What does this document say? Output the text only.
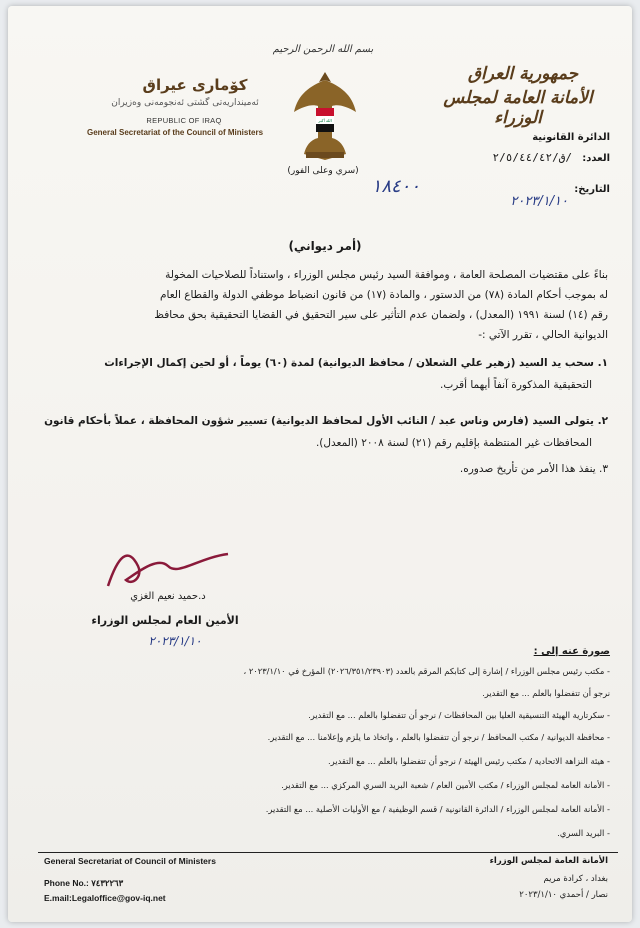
بسم الله الرحمن الرحيم
الله أكبر
كۆماری عیراق
ئه‌مینداریه‌تی گشتی ئه‌نجومه‌نی وه‌زیران
REPUBLIC OF IRAQ
General Secretariat of the Council of Ministers
جمهورية العراق
الأمانة العامة لمجلس الوزراء
الدائرة القانونية
العدد:
ق/٢/٥/٤٤/٤٢/
١٨٤٠٠	التاريخ:
٢٠٢٣/١/١٠
(سري وعلى الفور)
(أمر ديواني)
بناءً على مقتضيات المصلحة العامة ، وموافقة السيد رئيس مجلس الوزراء ، واستناداً للصلاحيات المخولة
له بموجب أحكام المادة (٧٨) من الدستور ، والمادة (١٧) من قانون انضباط موظفي الدولة والقطاع العام
رقم (١٤) لسنة ١٩٩١ (المعدل) ، ولضمان عدم التأثير على سير التحقيق في القضايا التحقيقية بحق محافظ
الديوانية الحالي ، تقرر الآتي :-
١. سحب يد السيد (زهير علي الشعلان / محافظ الديوانية) لمدة (٦٠) يوماً ، أو لحين إكمال الإجراءات
التحقيقية المذكورة آنفاً أيهما أقرب.
٢. يتولى السيد (فارس وناس عبد / النائب الأول لمحافظ الديوانية) تسيير شؤون المحافظة ، عملاً بأحكام قانون
المحافظات غير المنتظمة بإقليم رقم (٢١) لسنة ٢٠٠٨ (المعدل).
٣. ينفذ هذا الأمر من تأريخ صدوره.
د.حميد نعيم الغزي
الأمين العام لمجلس الوزراء
٢٠٢٣/١/١٠
صورة عنه إلى :
- مكتب رئيس مجلس الوزراء / إشارة إلى كتابكم المرقم بالعدد (٢٠٢٦/٣٥١/٢٣٩٠٣) المؤرخ في ٢٠٢٣/١/١٠ ،
نرجو أن تتفضلوا بالعلم ... مع التقدير.
- سكرتارية الهيئة التنسيقية العليا بين المحافظات / نرجو أن تتفضلوا بالعلم ... مع التقدير.
- محافظة الديوانية / مكتب المحافظ / نرجو أن تتفضلوا بالعلم ، واتخاذ ما يلزم وإعلامنا ... مع التقدير.
- هيئة النزاهة الاتحادية / مكتب رئيس الهيئة / نرجو أن تتفضلوا بالعلم ... مع التقدير.
- الأمانة العامة لمجلس الوزراء / مكتب الأمين العام / شعبة البريد السري المركزي ... مع التقدير.
- الأمانة العامة لمجلس الوزراء / الدائرة القانونية / قسم الوظيفية / مع الأوليات الأصلية ... مع التقدير.
- البريد السري.
General Secretariat of Council of Ministers
Phone No.: ٧٤٣٢٢٦٣
E.mail:Legaloffice@gov-iq.net
الأمانة العامة لمجلس الوزراء
بغداد ، كرادة مريم
نصار / أحمدي ٢٠٢٣/١/١٠
